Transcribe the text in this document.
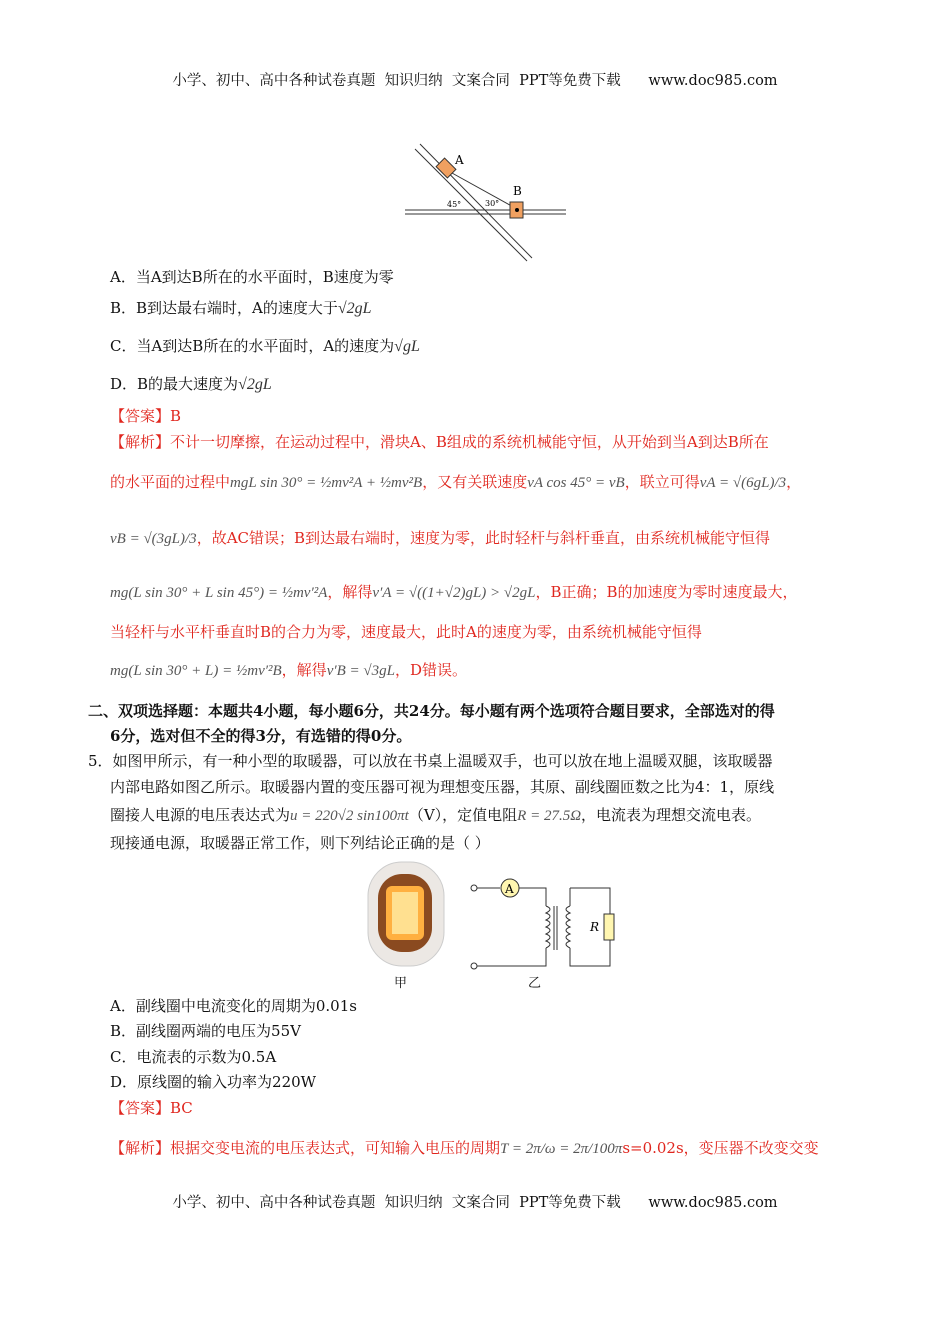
小学、初中、高中各种试卷真题  知识归纳  文案合同  PPT等免费下载      www.doc985.com
A
B
45°	30°
A．当A到达B所在的水平面时，B速度为零
B．B到达最右端时，A的速度大于√2gL
C．当A到达B所在的水平面时，A的速度为√gL
D．B的最大速度为√2gL
【答案】B
【解析】不计一切摩擦，在运动过程中，滑块A、B组成的系统机械能守恒，从开始到当A到达B所在
的水平面的过程中mgL sin 30° = ½mv²A + ½mv²B，又有关联速度vA cos 45° = vB，联立可得vA = √(6gL)/3，
vB = √(3gL)/3，故AC错误；B到达最右端时，速度为零，此时轻杆与斜杆垂直，由系统机械能守恒得
mg(L sin 30° + L sin 45°) = ½mv′²A，解得v′A = √((1+√2)gL) > √2gL，B正确；B的加速度为零时速度最大，
当轻杆与水平杆垂直时B的合力为零，速度最大，此时A的速度为零，由系统机械能守恒得
mg(L sin 30° + L) = ½mv′²B，解得v′B = √3gL，D错误。
二、双项选择题：本题共4小题，每小题6分，共24分。每小题有两个选项符合题目要求，全部选对的得
6分，选对但不全的得3分，有选错的得0分。
5．如图甲所示，有一种小型的取暖器，可以放在书桌上温暖双手，也可以放在地上温暖双腿，该取暖器
内部电路如图乙所示。取暖器内置的变压器可视为理想变压器，其原、副线圈匝数之比为4：1，原线
圈接人电源的电压表达式为u = 220√2 sin100πt（V），定值电阻R = 27.5Ω，电流表为理想交流电表。
现接通电源，取暖器正常工作，则下列结论正确的是（ ）
A
R
甲	乙
A．副线圈中电流变化的周期为0.01s
B．副线圈两端的电压为55V
C．电流表的示数为0.5A
D．原线圈的输入功率为220W
【答案】BC
【解析】根据交变电流的电压表达式，可知输入电压的周期T = 2π/ω = 2π/100πs=0.02s，变压器不改变交变
小学、初中、高中各种试卷真题  知识归纳  文案合同  PPT等免费下载      www.doc985.com
